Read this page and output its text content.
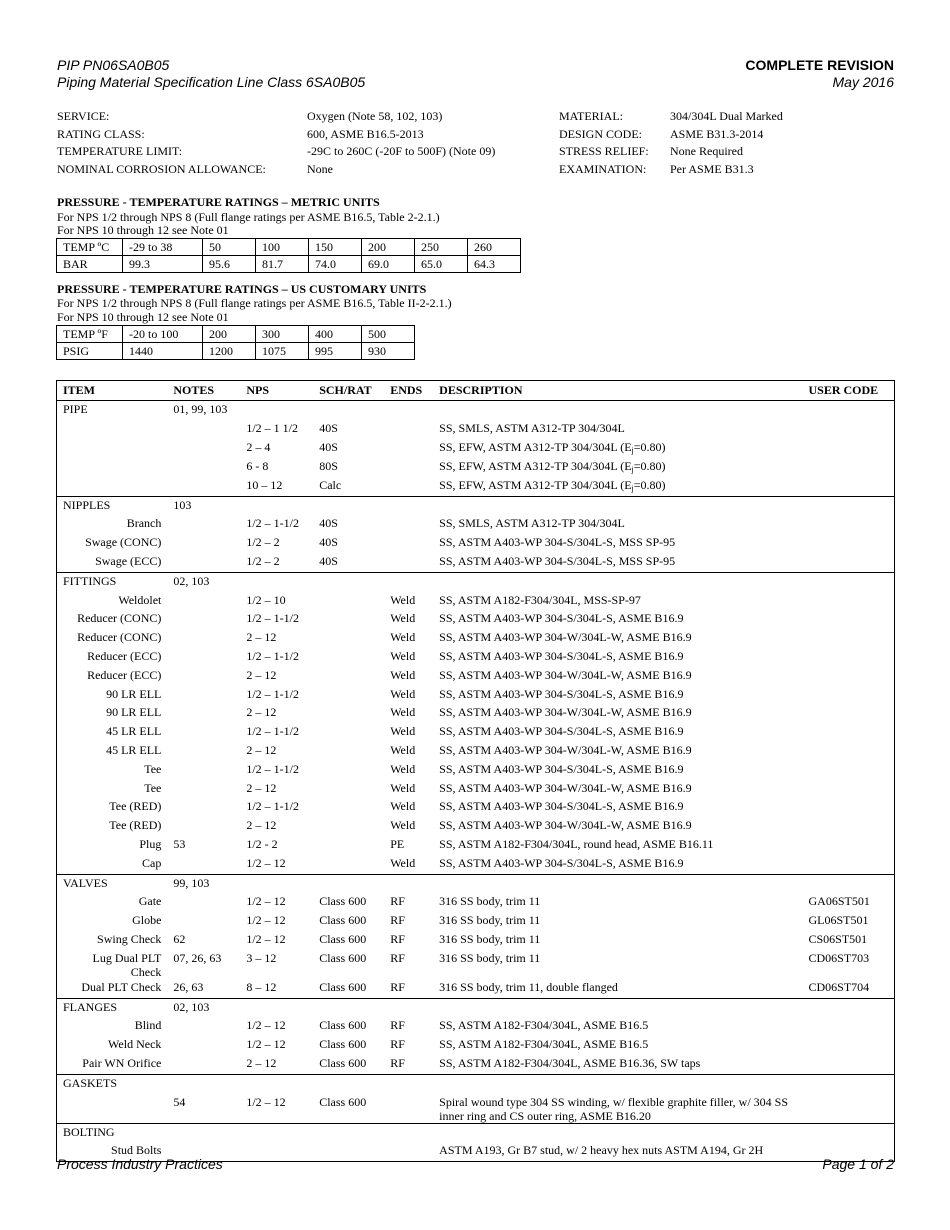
PIP PN06SA0B05
Piping Material Specification Line Class 6SA0B05
COMPLETE REVISION
May 2016
SERVICE:	Oxygen (Note 58, 102, 103)
RATING CLASS:	600, ASME B16.5-2013
TEMPERATURE LIMIT:	-29C to 260C (-20F to 500F) (Note 09)
NOMINAL CORROSION ALLOWANCE:	None
MATERIAL:	304/304L Dual Marked
DESIGN CODE:	ASME B31.3-2014
STRESS RELIEF:	None Required
EXAMINATION:	Per ASME B31.3
PRESSURE - TEMPERATURE RATINGS – METRIC UNITS
For NPS 1/2 through NPS 8 (Full flange ratings per ASME B16.5, Table 2-2.1.)
For NPS 10 through 12 see Note 01
TEMP ºC	-29 to 38	50	100	150	200	250	260
BAR	99.3	95.6	81.7	74.0	69.0	65.0	64.3
PRESSURE - TEMPERATURE RATINGS – US CUSTOMARY UNITS
For NPS 1/2 through NPS 8 (Full flange ratings per ASME B16.5, Table II-2-2.1.)
For NPS 10 through 12 see Note 01
TEMP ºF	-20 to 100	200	300	400	500
PSIG	1440	1200	1075	995	930
ITEM	NOTES	NPS	SCH/RAT	ENDS	DESCRIPTION	USER CODE
PIPE	01, 99, 103					
		1/2 – 1 1/2	40S		SS, SMLS, ASTM A312-TP 304/304L	
		2 – 4	40S		SS, EFW, ASTM A312-TP 304/304L $(E_j=0.80)$	
		6 - 8	80S		SS, EFW, ASTM A312-TP 304/304L $(E_j=0.80)$	
		10 – 12	Calc		SS, EFW, ASTM A312-TP 304/304L $(E_j=0.80)$	
NIPPLES	103					
Branch		1/2 – 1-1/2	40S		SS, SMLS, ASTM A312-TP 304/304L	
Swage (CONC)		1/2 – 2	40S		SS, ASTM A403-WP 304-S/304L-S, MSS SP-95	
Swage (ECC)		1/2 – 2	40S		SS, ASTM A403-WP 304-S/304L-S, MSS SP-95	
FITTINGS	02, 103					
Weldolet		1/2 – 10		Weld	SS, ASTM A182-F304/304L, MSS-SP-97	
Reducer (CONC)		1/2 – 1-1/2		Weld	SS, ASTM A403-WP 304-S/304L-S, ASME B16.9	
Reducer (CONC)		2 – 12		Weld	SS, ASTM A403-WP 304-W/304L-W, ASME B16.9	
Reducer (ECC)		1/2 – 1-1/2		Weld	SS, ASTM A403-WP 304-S/304L-S, ASME B16.9	
Reducer (ECC)		2 – 12		Weld	SS, ASTM A403-WP 304-W/304L-W, ASME B16.9	
90 LR ELL		1/2 – 1-1/2		Weld	SS, ASTM A403-WP 304-S/304L-S, ASME B16.9	
90 LR ELL		2 – 12		Weld	SS, ASTM A403-WP 304-W/304L-W, ASME B16.9	
45 LR ELL		1/2 – 1-1/2		Weld	SS, ASTM A403-WP 304-S/304L-S, ASME B16.9	
45 LR ELL		2 – 12		Weld	SS, ASTM A403-WP 304-W/304L-W, ASME B16.9	
Tee		1/2 – 1-1/2		Weld	SS, ASTM A403-WP 304-S/304L-S, ASME B16.9	
Tee		2 – 12		Weld	SS, ASTM A403-WP 304-W/304L-W, ASME B16.9	
Tee (RED)		1/2 – 1-1/2		Weld	SS, ASTM A403-WP 304-S/304L-S, ASME B16.9	
Tee (RED)		2 – 12		Weld	SS, ASTM A403-WP 304-W/304L-W, ASME B16.9	
Plug	53	1/2 - 2		PE	SS, ASTM A182-F304/304L, round head, ASME B16.11	
Cap		1/2 – 12		Weld	SS, ASTM A403-WP 304-S/304L-S, ASME B16.9	
VALVES	99, 103					
Gate		1/2 – 12	Class 600	RF	316 SS body, trim 11	GA06ST501
Globe		1/2 – 12	Class 600	RF	316 SS body, trim 11	GL06ST501
Swing Check	62	1/2 – 12	Class 600	RF	316 SS body, trim 11	CS06ST501
Lug Dual PLT Check	07, 26, 63	3 – 12	Class 600	RF	316 SS body, trim 11	CD06ST703
Dual PLT Check	26, 63	8 – 12	Class 600	RF	316 SS body, trim 11, double flanged	CD06ST704
FLANGES	02, 103					
Blind		1/2 – 12	Class 600	RF	SS, ASTM A182-F304/304L, ASME B16.5	
Weld Neck		1/2 – 12	Class 600	RF	SS, ASTM A182-F304/304L, ASME B16.5	
Pair WN Orifice		2 – 12	Class 600	RF	SS, ASTM A182-F304/304L, ASME B16.36, SW taps	
GASKETS						
	54	1/2 – 12	Class 600		Spiral wound type 304 SS winding, w/ flexible graphite filler, w/ 304 SS inner ring and CS outer ring, ASME B16.20	
BOLTING						
Stud Bolts					ASTM A193, Gr B7 stud, w/ 2 heavy hex nuts ASTM A194, Gr 2H	
Process Industry Practices	Page 1 of 2
